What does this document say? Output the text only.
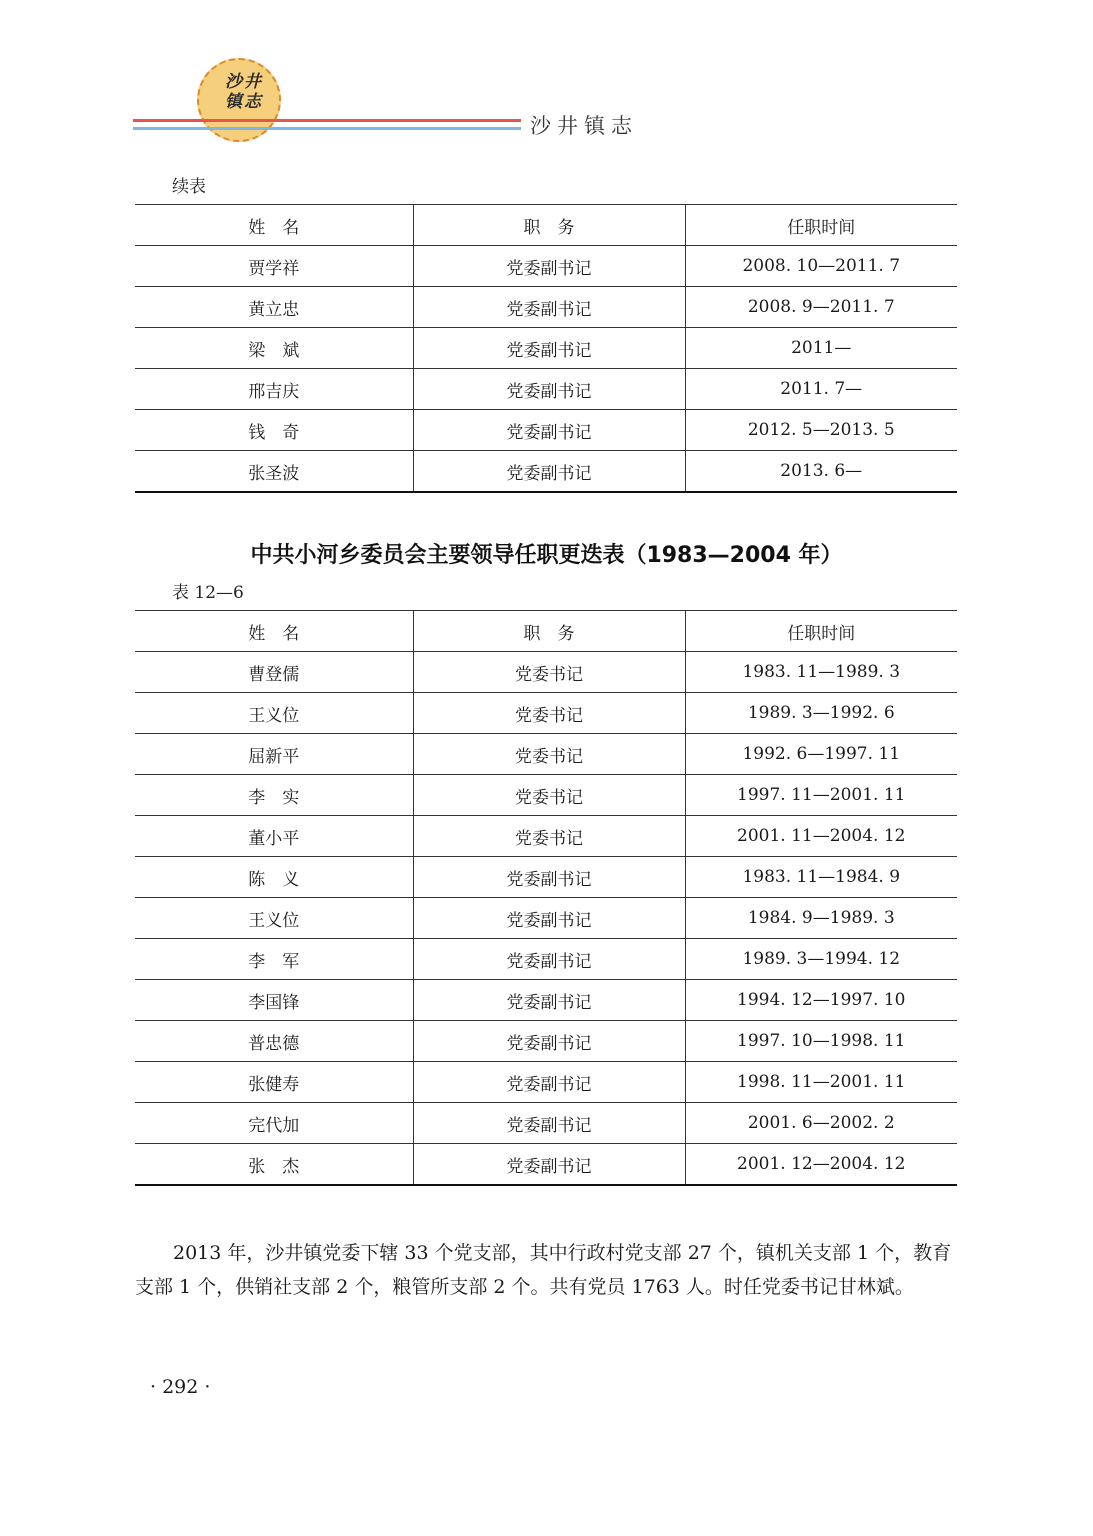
沙井镇志
沙井镇志
续表
姓　名	职　务	任职时间
贾学祥	党委副书记	2008. 10—2011. 7
黄立忠	党委副书记	2008. 9—2011. 7
梁　斌	党委副书记	2011—
邢吉庆	党委副书记	2011. 7—
钱　奇	党委副书记	2012. 5—2013. 5
张圣波	党委副书记	2013. 6—
中共小河乡委员会主要领导任职更迭表（1983—2004 年）
表 12—6
姓　名	职　务	任职时间
曹登儒	党委书记	1983. 11—1989. 3
王义位	党委书记	1989. 3—1992. 6
屈新平	党委书记	1992. 6—1997. 11
李　实	党委书记	1997. 11—2001. 11
董小平	党委书记	2001. 11—2004. 12
陈　义	党委副书记	1983. 11—1984. 9
王义位	党委副书记	1984. 9—1989. 3
李　军	党委副书记	1989. 3—1994. 12
李国锋	党委副书记	1994. 12—1997. 10
普忠德	党委副书记	1997. 10—1998. 11
张健寿	党委副书记	1998. 11—2001. 11
完代加	党委副书记	2001. 6—2002. 2
张　杰	党委副书记	2001. 12—2004. 12
2013 年，沙井镇党委下辖 33 个党支部，其中行政村党支部 27 个，镇机关支部 1 个，教育支部 1 个，供销社支部 2 个，粮管所支部 2 个。共有党员 1763 人。时任党委书记甘林斌。
· 292 ·
